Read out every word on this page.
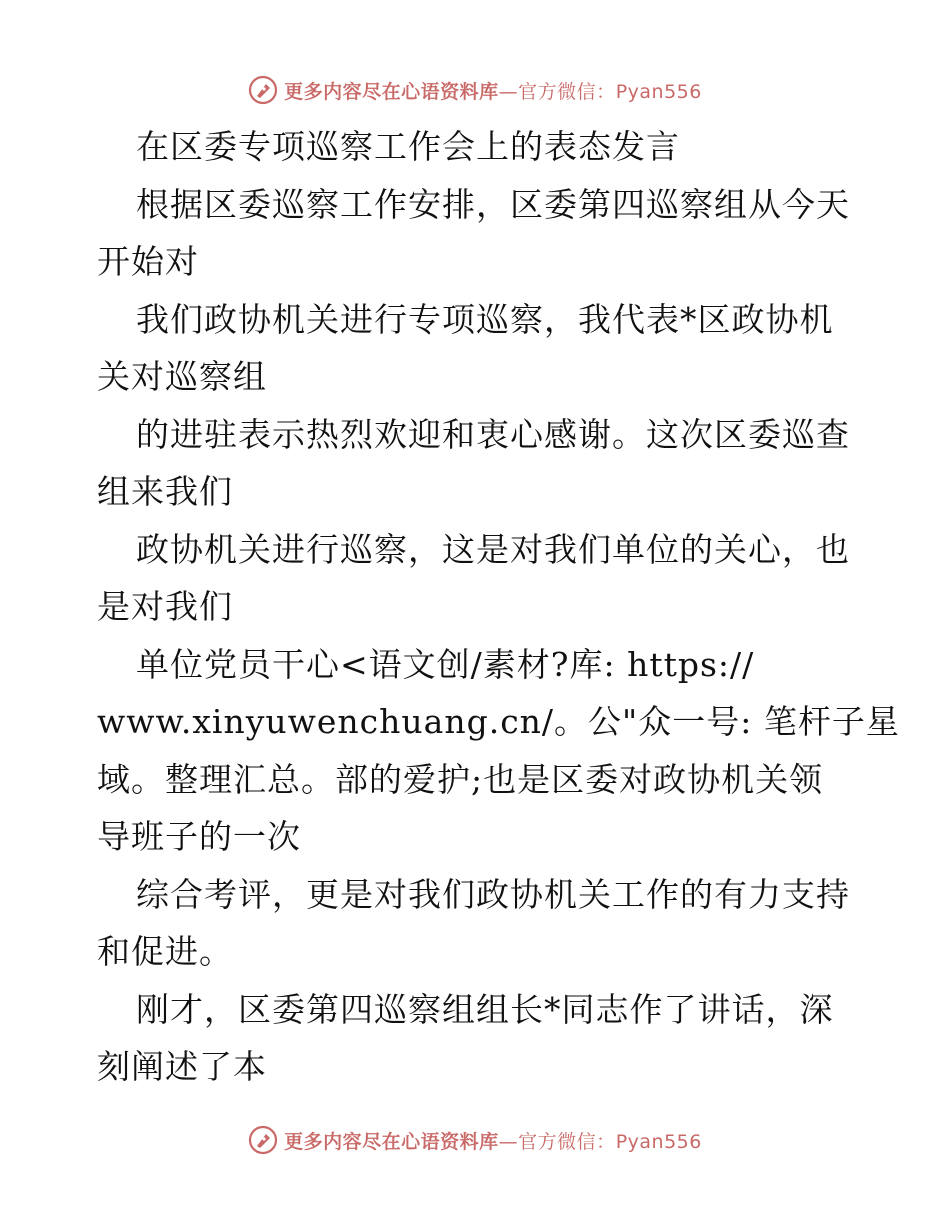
更多内容尽在心语资料库—官方微信：Pyan556
在区委专项巡察工作会上的表态发言
根据区委巡察工作安排，区委第四巡察组从今天
开始对
我们政协机关进行专项巡察，我代表*区政协机
关对巡察组
的进驻表示热烈欢迎和衷心感谢。这次区委巡查
组来我们
政协机关进行巡察，这是对我们单位的关心，也
是对我们
单位党员干心<语文创/素材?库: https://
www.xinyuwenchuang.cn/。公"众一号: 笔杆子星
域。整理汇总。部的爱护;也是区委对政协机关领
导班子的一次
综合考评，更是对我们政协机关工作的有力支持
和促进。
刚才，区委第四巡察组组长*同志作了讲话，深
刻阐述了本
更多内容尽在心语资料库—官方微信：Pyan556
